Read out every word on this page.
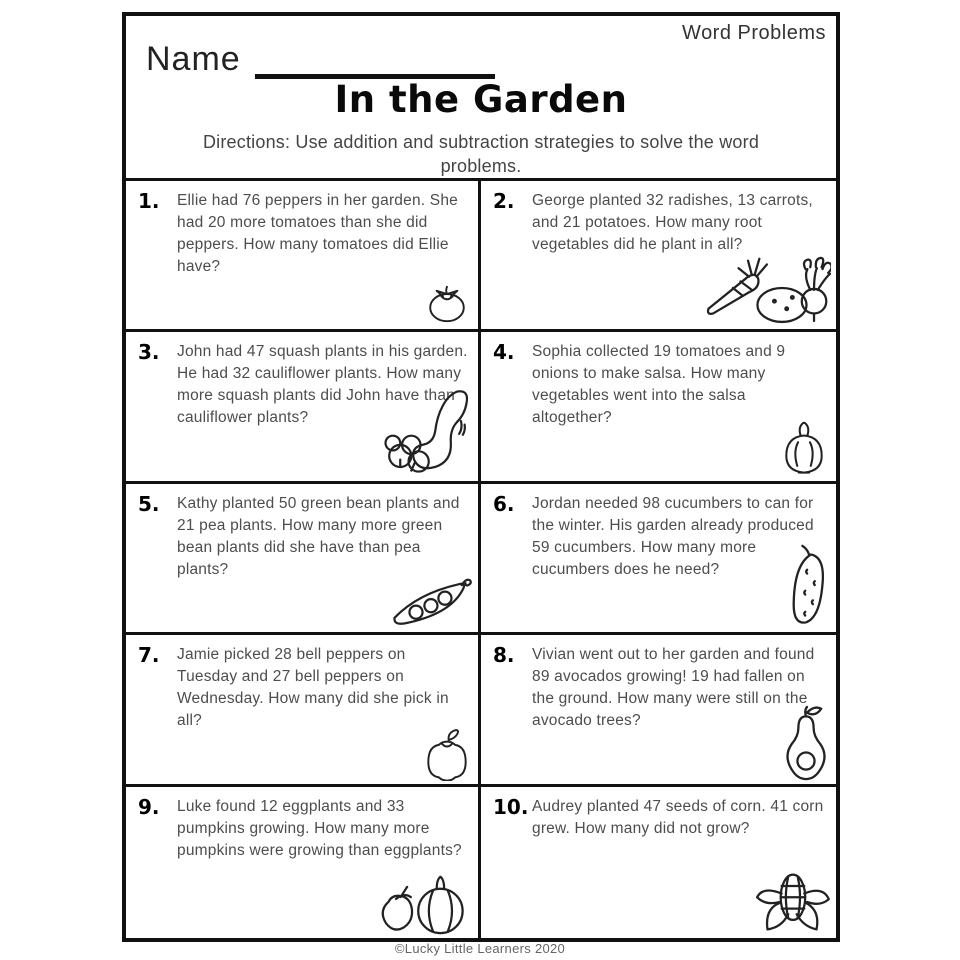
Word Problems
Name
In the Garden
Directions: Use addition and subtraction strategies to solve the word problems.
1.	Ellie had 76 peppers in her garden. She had 20 more tomatoes than she did peppers. How many tomatoes did Ellie have?
2.	George planted 32 radishes, 13 carrots, and 21 potatoes. How many root vegetables did he plant in all?
3.	John had 47 squash plants in his garden. He had 32 cauliflower plants. How many more squash plants did John have than cauliflower plants?
4.	Sophia collected 19 tomatoes and 9 onions to make salsa. How many vegetables went into the salsa altogether?
5.	Kathy planted 50 green bean plants and 21 pea plants. How many more green bean plants did she have than pea plants?
6.	Jordan needed 98 cucumbers to can for the winter. His garden already produced 59 cucumbers. How many more cucumbers does he need?
7.	Jamie picked 28 bell peppers on Tuesday and 27 bell peppers on Wednesday. How many did she pick in all?
8.	Vivian went out to her garden and found 89 avocados growing! 19 had fallen on the ground. How many were still on the avocado trees?
9.	Luke found 12 eggplants and 33 pumpkins growing. How many more pumpkins were growing than eggplants?
10. Audrey planted 47 seeds of corn. 41 corn grew. How many did not grow?
©Lucky Little Learners 2020
